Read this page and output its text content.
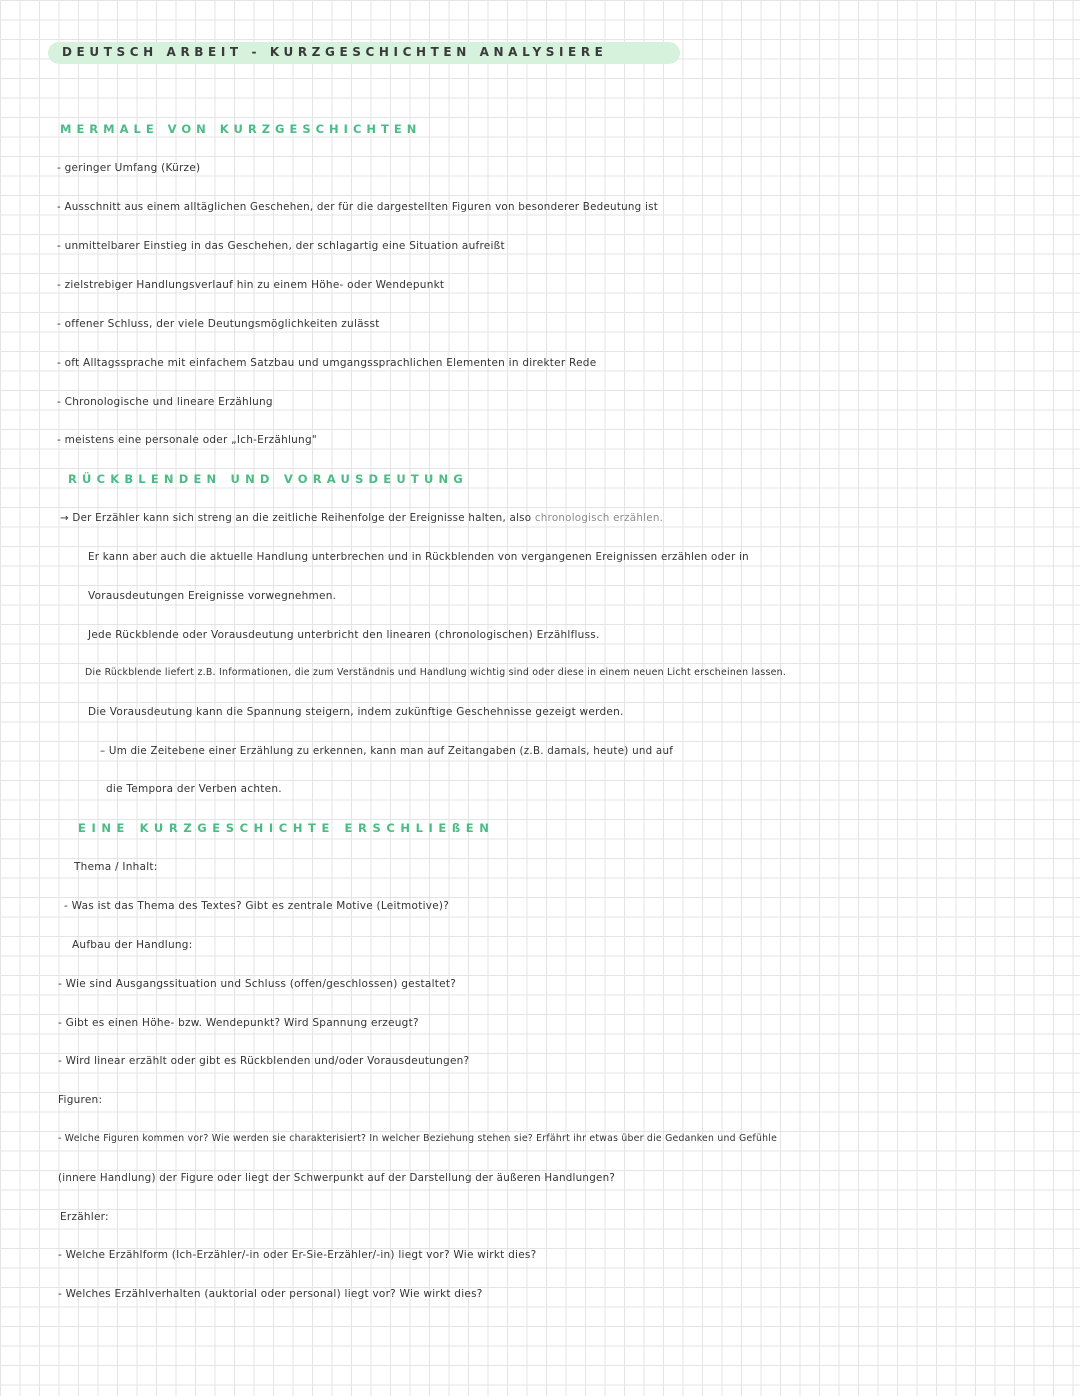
DEUTSCH ARBEIT - KURZGESCHICHTEN ANALYSIERE
MERMALE VON KURZGESCHICHTEN
- geringer Umfang (Kürze)
- Ausschnitt aus einem alltäglichen Geschehen, der für die dargestellten Figuren von besonderer Bedeutung ist
- unmittelbarer Einstieg in das Geschehen, der schlagartig eine Situation aufreißt
- zielstrebiger Handlungsverlauf hin zu einem Höhe- oder Wendepunkt
- offener Schluss, der viele Deutungsmöglichkeiten zulässt
- oft Alltagssprache mit einfachem Satzbau und umgangssprachlichen Elementen in direkter Rede
- Chronologische und lineare Erzählung
- meistens eine personale oder „Ich-Erzählung"
RÜCKBLENDEN UND VORAUSDEUTUNG
→ Der Erzähler kann sich streng an die zeitliche Reihenfolge der Ereignisse halten, also chronologisch erzählen.
Er kann aber auch die aktuelle Handlung unterbrechen und in Rückblenden von vergangenen Ereignissen erzählen oder in
Vorausdeutungen Ereignisse vorwegnehmen.
Jede Rückblende oder Vorausdeutung unterbricht den linearen (chronologischen) Erzählfluss.
Die Rückblende liefert z.B. Informationen, die zum Verständnis und Handlung wichtig sind oder diese in einem neuen Licht erscheinen lassen.
Die Vorausdeutung kann die Spannung steigern, indem zukünftige Geschehnisse gezeigt werden.
– Um die Zeitebene einer Erzählung zu erkennen, kann man auf Zeitangaben (z.B. damals, heute) und auf
die Tempora der Verben achten.
EINE KURZGESCHICHTE ERSCHLIEßEN
Thema / Inhalt:
- Was ist das Thema des Textes? Gibt es zentrale Motive (Leitmotive)?
Aufbau der Handlung:
- Wie sind Ausgangssituation und Schluss (offen/geschlossen) gestaltet?
- Gibt es einen Höhe- bzw. Wendepunkt? Wird Spannung erzeugt?
- Wird linear erzählt oder gibt es Rückblenden und/oder Vorausdeutungen?
Figuren:
- Welche Figuren kommen vor? Wie werden sie charakterisiert? In welcher Beziehung stehen sie? Erfährt ihr etwas über die Gedanken und Gefühle
(innere Handlung) der Figure oder liegt der Schwerpunkt auf der Darstellung der äußeren Handlungen?
Erzähler:
- Welche Erzählform (Ich-Erzähler/-in oder Er-Sie-Erzähler/-in) liegt vor? Wie wirkt dies?
- Welches Erzählverhalten (auktorial oder personal) liegt vor? Wie wirkt dies?
